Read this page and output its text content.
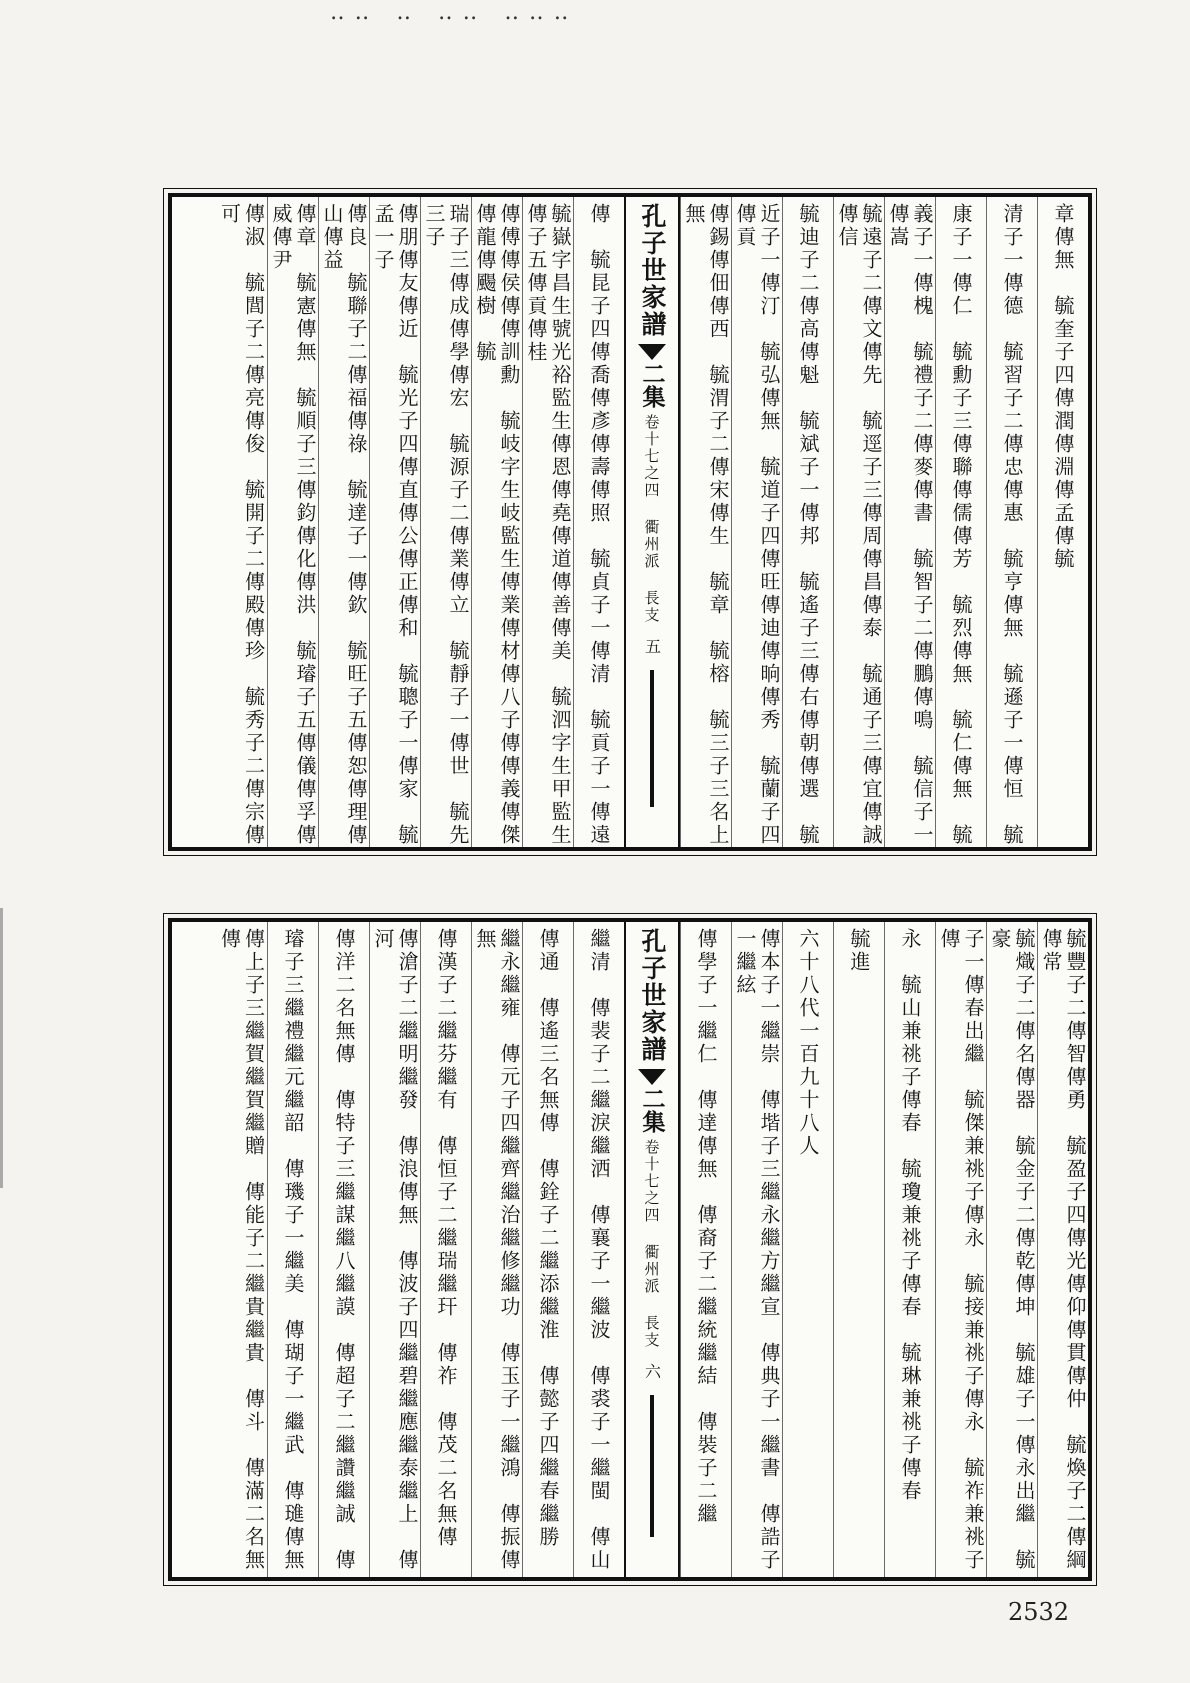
‥‥ ‥ ‥‥ ‥‥‥
章傳無　毓奎子四傳潤傳淵傳孟傳毓
清子一傳德　毓習子二傳忠傳惠　毓亨傳無　毓遜子一傳恒　毓
康子一傳仁　毓勳子三傳聯傳儒傳芳　毓烈傳無　毓仁傳無　毓
義子一傳槐　毓禮子二傳麥傳書　毓智子二傳鵬傳鳴　毓信子一傳嵩
毓遠子二傳文傳先　毓逕子三傳周傳昌傳泰　毓通子三傳宜傳誠傳信
毓迪子二傳高傳魁　毓斌子一傳邦　毓遙子三傳右傳朝傳選　毓
近子一傳汀　毓弘傳無　毓道子四傳旺傳迪傳晌傳秀　毓蘭子四傳貢
傳錫傳佃傳西　毓渭子二傳宋傳生　毓章　毓榕　毓三子三名上無
孔子世家譜
二集
卷十七之四 衢州派 長支
五
傳　毓昆子四傳喬傳彥傳壽傳照　毓貞子一傳清　毓貢子一傳遠
毓嶽字昌生號光裕監生傳恩傳堯傳道傳善傳美　毓泗字生甲監生傳子五傳貢傳桂
傳傅傳侯傳傳訓勳　毓岐字生岐監生傳業傳材傳八子傳傳義傳傑傳龍傳颺樹　毓
瑞子三傳成傳學傳宏　毓源子二傳業傳立　毓靜子一傳世　毓先三子
傳朋傳友傳近　毓光子四傳直傳公傳正傳和　毓聰子一傳家　毓孟一子
傳良　毓聯子二傳福傳祿　毓達子一傳欽　毓旺子五傳恕傳理傳山傳益
傳章　毓憲傳無　毓順子三傳鈞傳化傳洪　毓璿子五傳儀傳孚傳威傳尹
傳淑　毓閭子二傳亮傳俊　毓開子二傳殿傳珍　毓秀子二傳宗傳可
毓豐子二傳智傳勇　毓盈子四傳光傳仰傳貫傳仲　毓煥子二傳綱傳常
毓熾子二傳名傳器　毓金子二傳乾傳坤　毓雄子一傳永出繼　毓豪
子一傳春出繼　毓傑兼祧子傳永　毓接兼祧子傳永　毓祚兼祧子傳
永　毓山兼祧子傳春　毓瓊兼祧子傳春　毓琳兼祧子傳春
毓進
六十八代一百九十八人
傳本子一繼崇　傳堦子三繼永繼方繼宣　傳典子一繼書　傳誥子一繼絃
傳學子一繼仁　傳達傳無　傳裔子二繼統繼結　傳裝子二繼
孔子世家譜
二集
卷十七之四 衢州派 長支
六
繼清　傳裴子二繼淚繼洒　傳襄子一繼波　傳裘子一繼閩　傳山
傳通　傳遙三名無傳　傳銓子二繼添繼淮　傳懿子四繼春繼勝
繼永繼雍　傳元子四繼齊繼治繼修繼功　傳玉子一繼鴻　傳振傳無
傳漢子二繼芬繼有　傳恒子二繼瑞繼玕　傳祚　傳茂二名無傳
傳滄子二繼明繼發　傳浪傳無　傳波子四繼碧繼應繼泰繼上　傳河
傳洋二名無傳　傳特子三繼謀繼八繼謨　傳超子二繼讚繼誠　傳
璿子三繼禮繼元繼韶　傳璣子一繼美　傳瑚子一繼武　傳璡傳無
傳上子三繼賀繼賀繼贈　傳能子二繼貴繼貴　傳斗　傳滿二名無傳
2532
